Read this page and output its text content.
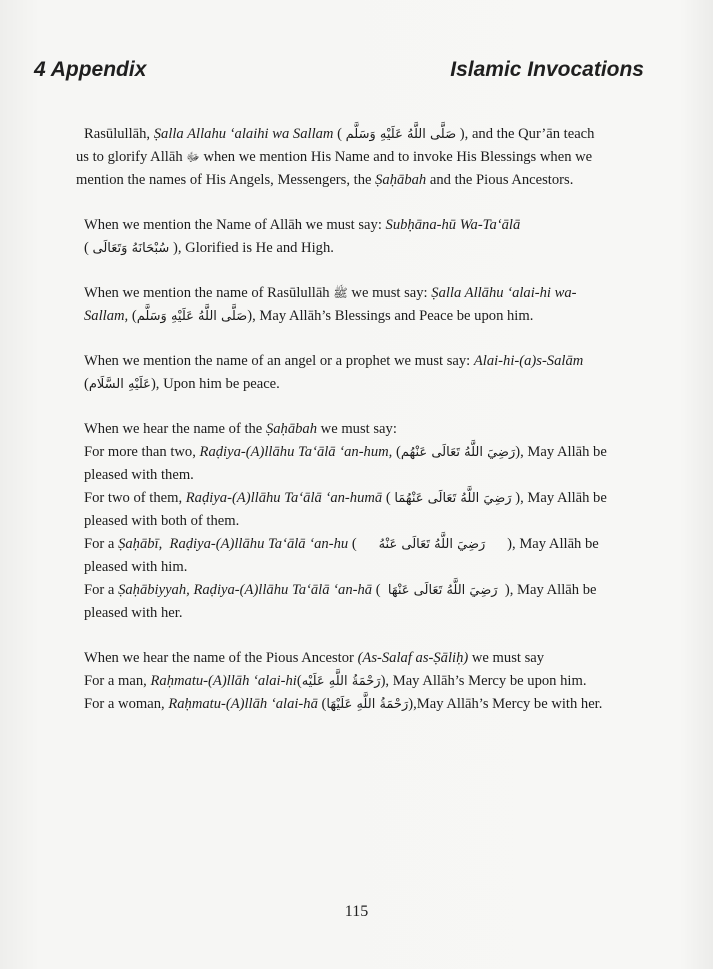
4 Appendix	Islamic Invocations
Rasūlullāh, Ṣalla Allahu ‘alaihi wa Sallam ( صَلَّى اللَّهُ عَلَيْهِ وَسَلَّم ), and the Qur’ān teach
us to glorify Allāh ﷻ when we mention His Name and to invoke His Blessings when we
mention the names of His Angels, Messengers, the Ṣaḥābah and the Pious Ancestors.
When we mention the Name of Allāh we must say: Subḥāna-hū Wa-Ta‘ālā
( سُبْحَانَهُ وَتَعَالَى ), Glorified is He and High.
When we mention the name of Rasūlullāh ﷺ we must say: Ṣalla Allāhu ‘alai-hi wa-
Sallam, (صَلَّى اللَّهُ عَلَيْهِ وَسَلَّم), May Allāh’s Blessings and Peace be upon him.
When we mention the name of an angel or a prophet we must say: Alai-hi-(a)s-Salām
(عَلَيْهِ السَّلَام), Upon him be peace.
When we hear the name of the Ṣaḥābah we must say:
For more than two, Raḍiya-(A)llāhu Ta‘ālā ‘an-hum, (رَضِيَ اللَّهُ تَعَالَى عَنْهُم), May Allāh be
pleased with them.
For two of them, Raḍiya-(A)llāhu Ta‘ālā ‘an-humā ( رَضِيَ اللَّهُ تَعَالَى عَنْهُمَا ), May Allāh be
pleased with both of them.
For a Ṣaḥābī, Raḍiya-(A)llāhu Ta‘ālā ‘an-hu (      رَضِيَ اللَّهُ تَعَالَى عَنْهُ      ), May Allāh be
pleased with him.
For a Ṣaḥābiyyah, Raḍiya-(A)llāhu Ta‘ālā ‘an-hā (  رَضِيَ اللَّهُ تَعَالَى عَنْهَا  ), May Allāh be
pleased with her.
When we hear the name of the Pious Ancestor (As-Salaf as-Ṣāliḥ) we must say
For a man, Raḥmatu-(A)llāh ‘alai-hi(رَحْمَةُ اللَّهِ عَلَيْه), May Allāh’s Mercy be upon him.
For a woman, Raḥmatu-(A)llāh ‘alai-hā (رَحْمَةُ اللَّهِ عَلَيْهَا),May Allāh’s Mercy be with her.
115
